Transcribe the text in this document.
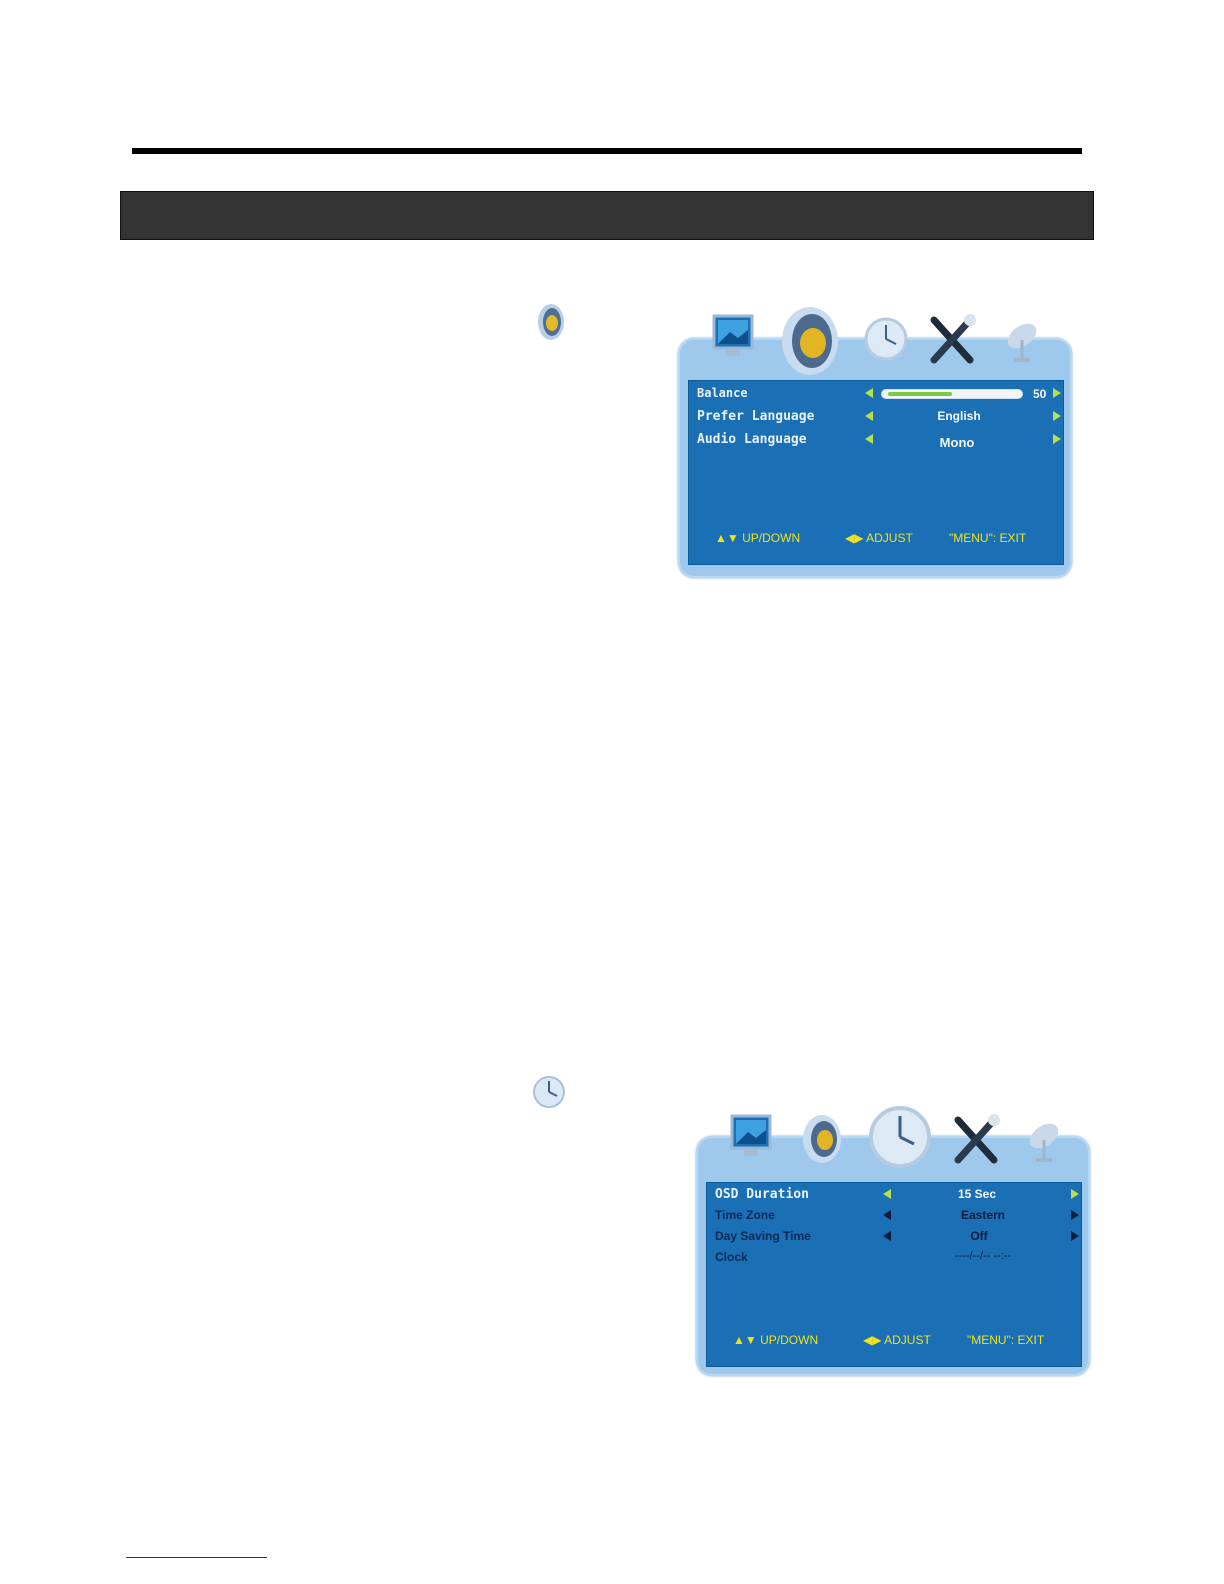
Balance	50
Prefer Language	English
Audio Language	Mono
▲▼ UP/DOWN	◀▶ ADJUST	"MENU": EXIT
OSD Duration	15 Sec
Time Zone	Eastern
Day Saving Time	Off
Clock	----/--/-- --:--
▲▼ UP/DOWN	◀▶ ADJUST	"MENU": EXIT
